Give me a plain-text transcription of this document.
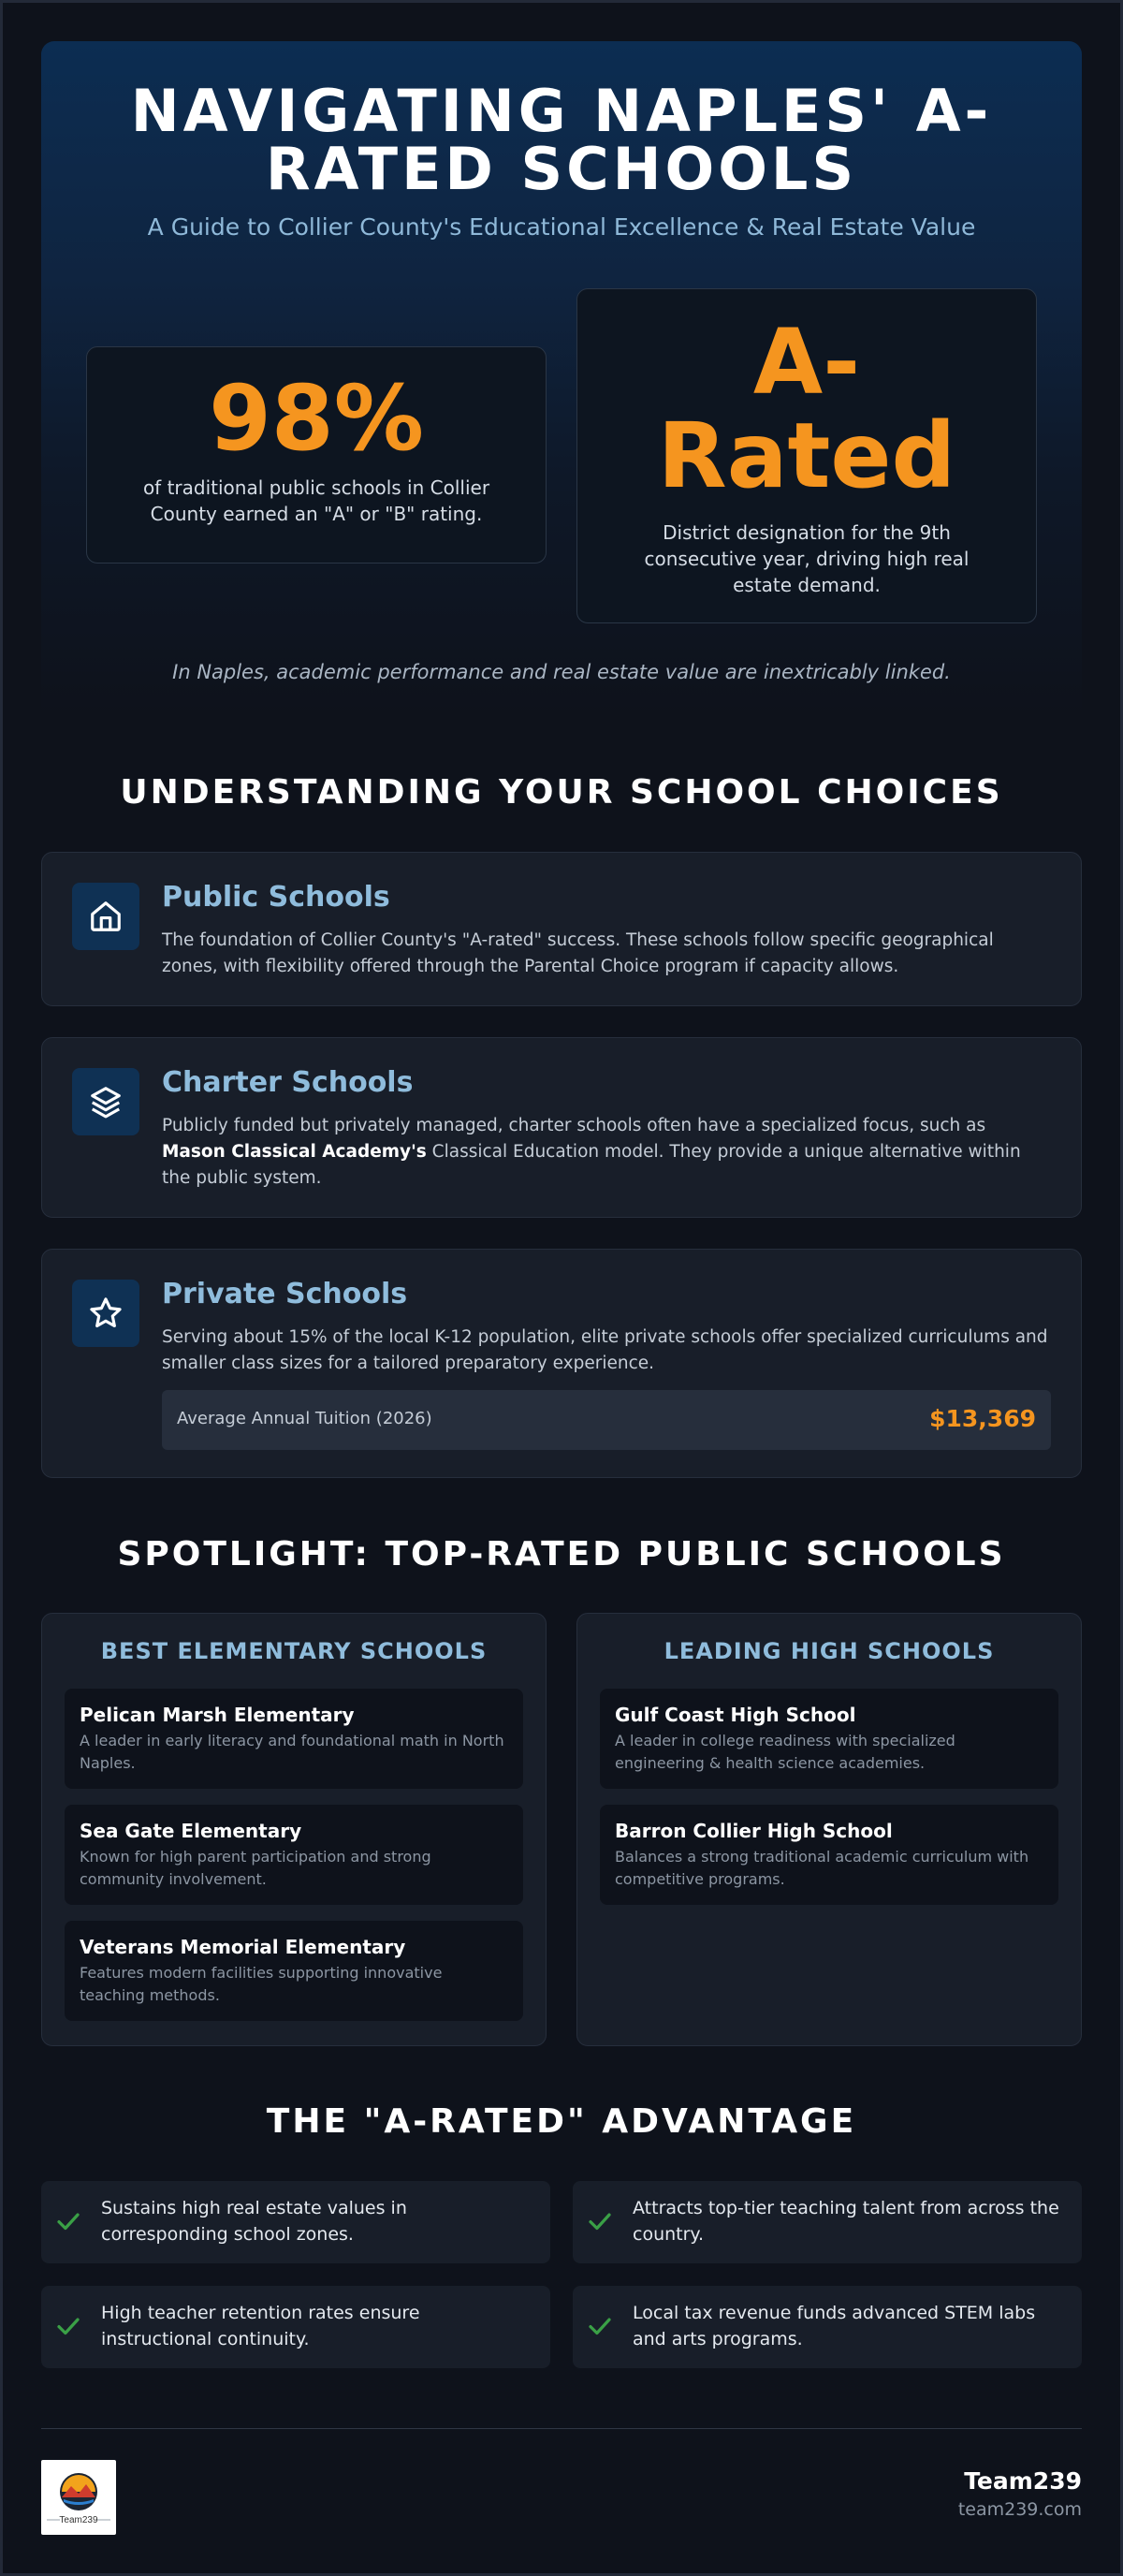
NAVIGATING NAPLES' A-
RATED SCHOOLS
A Guide to Collier County's Educational Excellence & Real Estate Value
98%
of traditional public schools in Collier County earned an "A" or "B" rating.
A-
Rated
District designation for the 9th consecutive year, driving high real estate demand.
In Naples, academic performance and real estate value are inextricably linked.
UNDERSTANDING YOUR SCHOOL CHOICES
Public Schools
The foundation of Collier County's "A-rated" success. These schools follow specific geographical zones, with flexibility offered through the Parental Choice program if capacity allows.
Charter Schools
Publicly funded but privately managed, charter schools often have a specialized focus, such as Mason Classical Academy's Classical Education model. They provide a unique alternative within the public system.
Private Schools
Serving about 15% of the local K-12 population, elite private schools offer specialized curriculums and smaller class sizes for a tailored preparatory experience.
Average Annual Tuition (2026)	$13,369
SPOTLIGHT: TOP-RATED PUBLIC SCHOOLS
BEST ELEMENTARY SCHOOLS
Pelican Marsh Elementary
A leader in early literacy and foundational math in North Naples.
Sea Gate Elementary
Known for high parent participation and strong community involvement.
Veterans Memorial Elementary
Features modern facilities supporting innovative teaching methods.
LEADING HIGH SCHOOLS
Gulf Coast High School
A leader in college readiness with specialized engineering & health science academies.
Barron Collier High School
Balances a strong traditional academic curriculum with competitive programs.
THE "A-RATED" ADVANTAGE
Sustains high real estate values in corresponding school zones.
Attracts top-tier teaching talent from across the country.
High teacher retention rates ensure instructional continuity.
Local tax revenue funds advanced STEM labs and arts programs.
Team239
Team239
team239.com
